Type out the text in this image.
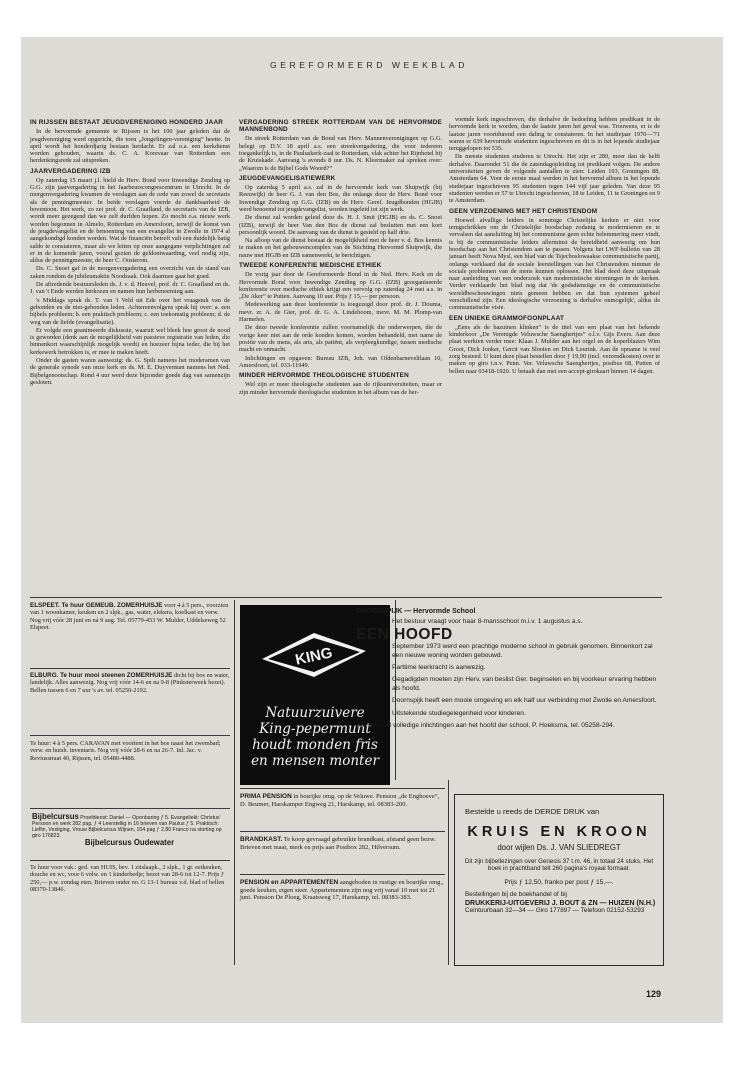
GEREFORMEERD WEEKBLAD
IN RIJSSEN BESTAAT JEUGDVERENIGING HONDERD JAAR

In de hervormde gemeente te Rijssen is het 100 jaar geleden dat de jeugdvereniging werd opgericht, die toen „Jongelingen-vereniging” heette. In april wordt het honderdjarig bestaan herdacht. Er zal o.a. een kerkdienst worden gehouden, waarin ds. C. A. Korevaar van Rotterdam een herdenkingsrede zal uitspreken.

JAARVERGADERING IZB

Op zaterdag 15 maart j.l. hield de Herv. Bond voor Inwendige Zending op G.G. zijn jaarvergadering in het Jaarbeurscongrescentrum te Utrecht. In de morgenvergadering kwamen de verslagen aan de orde van zowel de secretaris als de penningmeester. In beide verslagen voerde de dankbaarheid de boventoon. Het werk, zo zei prof. dr. C. Graafland, de secretaris van de IZB, wordt meer gezegend dan we zelf durfden hopen. Zo mocht o.a. nieuw werk worden begonnen in Almelo, Rotterdam en Amersfoort, terwijl de komst van de jeugdevangelist en de benoeming van een evangelist in Zwolle in 1974 al aangekondigd konden worden. Wat de financiën betreft valt een duidelijk batig saldo te constateren, maar als we letten op onze aangegane verplichtingen zal er in de komende jaren, vooral gezien de geldontwaarding, veel nodig zijn, aldus de penningmeester, de heer C. Oosterom.

Ds. C. Snoei gaf in de morgenvergadering een overzicht van de stand van zaken rondom de jubileumaktie Noodzaak. Ook daarmee gaat het goed.

De aftredende bestuursleden ds. J. v. d. Heuvel, prof. dr. C. Graafland en ds. J. van 't Ende werden herkozen en namen hun herbenoeming aan.

's Middags sprak ds. T. van 't Veld uit Ede over het vraagstuk van de gebonden en de niet-gebonden leden. Achtereenvolgens sprak hij over: a. een bijbels probleem; b. een praktisch probleem; c. een toekomstig probleem; d. de weg van de liefde (evangelisatie).

Er volgde een geanimeerde diskussie, waaruit wel bleek hoe groot de nood is geworden (denk aan de mogelijkheid van passieve registratie van leden, die binnenkort waarschijnlijk mogelijk wordt) en hoezeer bijna ieder, die bij het kerkewerk betrokken is, er mee te maken heeft.

Onder de gasten waren aanwezig: ds. G. Spilt namens het moderamen van de generale synode van onze kerk en ds. M. E. Duyverman namens het Ned. Bijbelgenootschap. Rond 4 uur werd deze bijzonder goede dag van samenzijn gesloten.

VERGADERING STREEK ROTTERDAM VAN DE HERVORMDE MANNENBOND

De streek Rotterdam van de Bond van Herv. Mannenverenigingen op G.G. belegt op D.V. 18 april a.s. een streekvergadering, die voor iedereen toegankelijk is, in de Pauluskerk-zaal te Rotterdam, vlak achter het Rijnhotel bij de Kruiskade. Aanvang 's avonds 8 uur. Ds. N. Kleermaker zal spreken over: „Waarom is de Bijbel Gods Woord?”

JEUGDEVANGELISATIEWERK

Op zaterdag 5 april a.s. zal in de hervormde kerk van Sluipwijk (bij Reeuwijk) de heer G. J. van den Bos, die onlangs door de Herv. Bond voor Inwendige Zending op G.G. (IZB) en de Herv. Geref. Jeugdbonden (HGJB) werd benoemd tot jeugdevangelist, worden ingeleid tot zijn werk.

De dienst zal worden geleid door ds. H. J. Smit (HGJB) en ds. C. Snoei (IZB), terwijl de heer Van den Bos de dienst zal besluiten met een kort persoonlijk woord. De aanvang van de dienst is gesteld op half drie.

Na afloop van de dienst bestaat de mogelijkheid met de heer v. d. Bos kennis te maken en het gebouwencomplex van de Stichting Hervormd Sluipwijk, die nauw met HGJB en IZB samenwerkt, te berichtigen.

TWEEDE KONFERENTIE MEDISCHE ETHIEK

De vorig jaar door de Gereformeerde Bond in de Ned. Herv. Kerk en de Hervormde Bond voor Inwendige Zending op G.G. (IZB) georganiseerde konferentie over medische ethiek krijgt een vervolg op zaterdag 24 mei a.s. in „De Aker” te Putten. Aanvang 10 uur. Prijs ƒ 15,— per persoon.

Medewerking aan deze konferentie is toegezegd door prof. dr. J. Douma, mevr. zr. A. de Gier, prof. dr. G. A. Lindeboom, mevr. M. M. Plomp-van Harmelen.

De deze tweede konferentie zullen voornamelijk die onderwerpen, die de vorige keer niet aan de orde konden komen, worden behandeld, met name de positie van de mens, als arts, als patiënt, als verpleegkundige, tussen medische macht en onmacht.

Inlichtingen en opgaven: Bureau IZB, Joh. van Oldenbarneveltlaan 10, Amersfoort, tel. 033-11949.

MINDER HERVORMDE THEOLOGISCHE STUDENTEN

Wel zijn er meer theologische studenten aan de rijksuniversiteiten, maar er zijn minder hervormde theologische studenten in het album van de her-

vormde kerk ingeschreven, die derhalve de bedoeling hebben predikant in de hervormde kerk te worden, dan de laatste jaren het geval was. Trouwens, er is de laatste jaren voortdurend een daling te constateren. In het studiejaar 1970—'71 waren er 639 hervormde studenten ingeschreven en dit is in het lopende studiejaar teruggelopen tot 535.

De meeste studenten studeren te Utrecht. Het zijn er 280, meer dan de helft derhalve. Daaronder 51 die de zatendagopleiding tot predikant volgen. De andere universiteiten geven de volgende aantallen te zien: Leiden 103, Groningen 88, Amsterdam 64. Voor de eerste maal werden in het hervormd album in het lopende studiejaar ingeschreven 95 studenten tegen 144 vijf jaar geleden. Van deze 95 studenten werden er 57 te Utrecht ingeschreven, 18 te Leiden, 11 te Groningen en 9 te Amsterdam.

GEEN VERZOENING MET HET CHRISTENDOM

Hoewel afvallige leiders in sommige Christelijke kerken er niet voor terugschrikken om de Christelijke boodschap zodanig te moderniseren en te vervalsen dat aansluiting bij het communisme geen echte belemmering meer vindt, is bij de communistische leiders allerminst de bereidheid aanwezig om hun boodschap aan het Christendom aan te passen. Volgens het LWF-bulletin van 28 januari heeft Nova Mysl, een blad van de Tsjechoslowaakse communistische partij, onlangs verklaard dat de sociale leerstellingen van het Christendom nimmer de sociale problemen van de mens kunnen oplossen. Het blad deed deze uitspraak naar aanleiding van een onderzoek van modernistische stromingen in de kerken. Verder verklaarde het blad nog dat 'de godsdienstige en de communistische wereldbeschouwingen niets gemeen hebben en dat hun systemen geheel verschillend zijn. Een ideologische verzoening is derhalve onmogelijk', aldus de communistische visie.

EEN UNIEKE GRAMMOFOONPLAAT

„Eens als de bazuinen klinken” is de titel van een plaat van het bekende kinderkoor „De Verenigde Veluwsche Saenghertjes” o.l.v. Gijs Evers. Aan deze plaat werkten verder mee: Klaas J. Mulder aan het orgel en de koperblazers Wim Groot, Dick Jonker, Gerrit van Slooten en Dick Leurink. Aan de opname is veel zorg besteed. U kunt deze plaat bestellen door ƒ 19,90 (incl. verzendkosten) over te maken op giro t.n.v. Penn. Ver. Veluwsche Saenghertjes, postbus 68, Putten of bellen naar 03418-1920. U betaalt dan met een accept-girokaart binnen 14 dagen.

ELSPEET. Te huur GEMEUB. ZOMERHUISJE voor 4 à 5 pers., voorzien van 1 woonkamer, keuken en 2 slpk., gas, water, elekera, koelkast en verw. Nog vrij vóór 28 juni en ná 9 aug. Tel. 05779-453 W. Mulder, Uddelseweg 52 Elspeet.

ELBURG. Te huur mooi steenen ZOMERHUISJE dicht bij bos en water, landelijk. Alles aanwezig. Nog vrij vóór 14-6 en na 9-8 (Pinksterweek bezet). Bellen tussen 6 en 7 uur 's av. tel. 05250-2192.

Te huur: 4 à 5 pers. CARAVAN met voortent in het bos naast het zwembad; verw. en huish. inventaris. Nog vrij vóór 28-6 en na 26-7. Inl. Jac. v. Reviusstraat 40, Rijssen, tel. 05480-4488.

Bijbelcursus Proefdienst: Daniel — Openbaring ƒ 5. Evangeliekt: Christus' Persoon en werk 282 pag. ƒ 4 Leerstellig in 16 brieven van Paulus ƒ 5. Praktisch: Lieflin, Vestiging, Vrouw Bijbelcursus Wijnen, 104 pag ƒ 2,80 Franco na storting op giro 176823.
Bijbelcursus Oudewater

Te huur voor vak.: ged. van HUIS, bev. 1 zitslaapk., 2 slpk., 1 gr. eetkeuken, douche en wc, voor 6 volw. en 1 kinderbedje; bezet van 28-6 tot 12-7. Prijs ƒ 250,— p.w. zondag eten. Brieven onder no. G 13-1 bureau v.d. blad of bellen 08370-13846.

KING
Natuurzuivere
King-pepermunt
houdt monden fris
en mensen monter

PRIMA PENSION in bosrijke omg. op de Veluwe. Pension „de Enghoeve”, D. Beumer, Harskamper Engweg 21, Harskamp, tel. 08383-200.

BRANDKAST. Te koop gevraagd gebruikte brandkast, afstand geen bezw. Brieven met maat, merk en prijs aan Postbox 282, Hilversum.

PENSION en APPARTEMENTEN aangeboden in rustige en bosrijke omg., goede keuken, eigen steer. Appartementen zijn nog vrij vanaf 10 mei tot 21 juni. Pension De Ploeg, Kraatsweg 17, Harskamp, tel. 08383-383.

DOORNSPIJK — Hervormde School

Het bestuur vraagt voor haar 8-mansschool m.i.v. 1 augustus a.s.

EEN HOOFD

September 1973 werd een prachtige moderne school in gebruik genomen. Binnenkort zal een nieuwe woning worden gebouwd.

Parttime leerkracht is aanwezig.

Gegadigden moeten zijn Herv. van beslist Ger. beginselen en bij voorkeur ervaring hebben als hoofd.

Doornspijk heeft een mooie omgeving en elk half uur verbinding met Zwolle en Amersfoort.

Uitstekende studiegelegenheid voor kinderen.

Brieven met volledige inlichtingen aan het hoofd der school, P. Hoeksma, tel. 05258-294.

Bestelde u reeds de DERDE DRUK van
KRUIS EN KROON
door wijlen Ds. J. VAN SLIEDREGT
Dit zijn bijbellezingen over Genesis 37 t.m. 46, in totaal 24 stuks. Het boek in prachtband telt 260 pagina's royaal formaat.
Prijs ƒ 12,50, franko per post ƒ 15,—.
Bestellingen bij de boekhandel of bij
DRUKKERIJ-UITGEVERIJ J. BOUT & ZN — HUIZEN (N.H.)
Ceintuurbaan 32—34 — Giro 177897 — Telefoon 02152-53293
129
